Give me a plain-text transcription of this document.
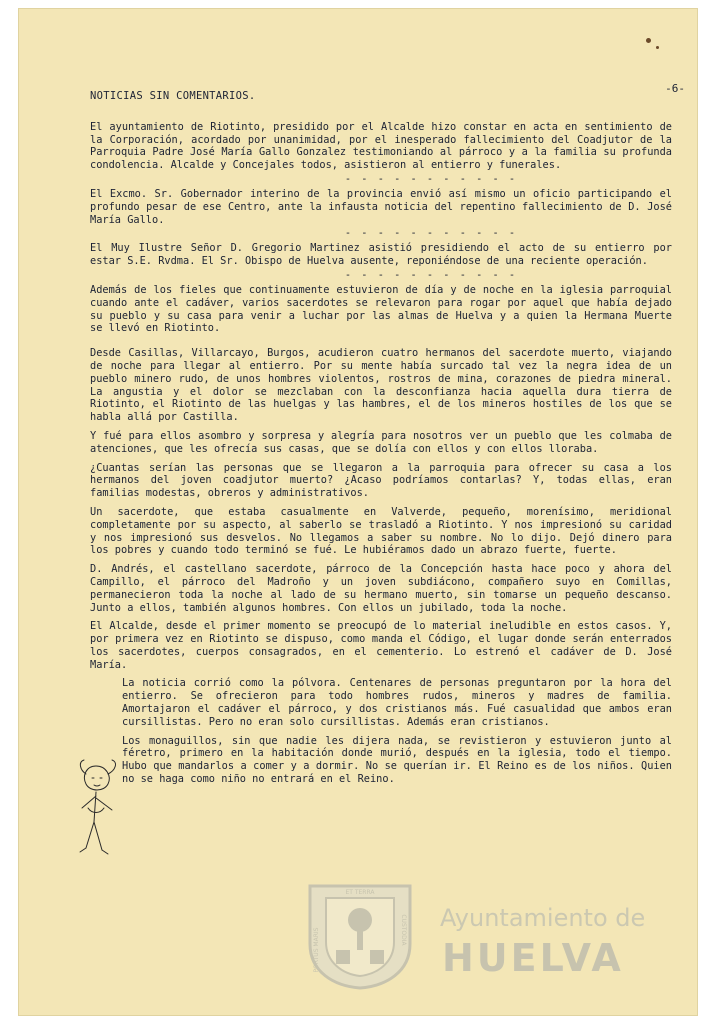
-6-
NOTICIAS SIN COMENTARIOS.

El ayuntamiento de Riotinto, presidido por el Alcalde hizo constar en acta en sentimiento de la Corporación, acordado por unanimidad, por el inesperado fallecimiento del Coadjutor de la Parroquia Padre José María Gallo Gonzalez testimoniando al párroco y a la familia su profunda condolencia. Alcalde y Concejales todos, asistieron al entierro y funerales.

- - - - - - - - - - -

El Excmo. Sr. Gobernador interino de la provincia envió así mismo un oficio participando el profundo pesar de ese Centro, ante la infausta noticia del repentino fallecimiento de D. José María Gallo.

- - - - - - - - - - -

El Muy Ilustre Señor D. Gregorio Martinez asistió presidiendo el acto de su entierro por estar S.E. Rvdma. El Sr. Obispo de Huelva ausente, reponiéndose de una reciente operación.

- - - - - - - - - - -

Además de los fieles que continuamente estuvieron de día y de noche en la iglesia parroquial cuando ante el cadáver, varios sacerdotes se relevaron para rogar por aquel que había dejado su pueblo y su casa para venir a luchar por las almas de Huelva y a quien la Hermana Muerte se llevó en Riotinto.

Desde Casillas, Villarcayo, Burgos, acudieron cuatro hermanos del sacerdote muerto, viajando de noche para llegar al entierro. Por su mente había surcado tal vez la negra idea de un pueblo minero rudo, de unos hombres violentos, rostros de mina, corazones de piedra mineral. La angustia y el dolor se mezclaban con la desconfianza hacia aquella dura tierra de Riotinto, el Riotinto de las huelgas y las hambres, el de los mineros hostiles de los que se habla allá por Castilla.

Y fué para ellos asombro y sorpresa y alegría para nosotros ver un pueblo que les colmaba de atenciones, que les ofrecía sus casas, que se dolía con ellos y con ellos lloraba.

¿Cuantas serían las personas que se llegaron a la parroquia para ofrecer su casa a los hermanos del joven coadjutor muerto? ¿Acaso podríamos contarlas? Y, todas ellas, eran familias modestas, obreros y administrativos.

Un sacerdote, que estaba casualmente en Valverde, pequeño, morenísimo, meridional completamente por su aspecto, al saberlo se trasladó a Riotinto. Y nos impresionó su caridad y nos impresionó sus desvelos. No llegamos a saber su nombre. No lo dijo. Dejó dinero para los pobres y cuando todo terminó se fué. Le hubiéramos dado un abrazo fuerte, fuerte.

D. Andrés, el castellano sacerdote, párroco de la Concepción hasta hace poco y ahora del Campillo, el párroco del Madroño y un joven subdiácono, compañero suyo en Comillas, permanecieron toda la noche al lado de su hermano muerto, sin tomarse un pequeño descanso. Junto a ellos, también algunos hombres. Con ellos un jubilado, toda la noche.

El Alcalde, desde el primer momento se preocupó de lo material ineludible en estos casos. Y, por primera vez en Riotinto se dispuso, como manda el Código, el lugar donde serán enterrados los sacerdotes, cuerpos consagrados, en el cementerio. Lo estrenó el cadáver de D. José María.

La noticia corrió como la pólvora. Centenares de personas preguntaron por la hora del entierro. Se ofrecieron para todo hombres rudos, mineros y madres de familia. Amortajaron el cadáver el párroco, y dos cristianos más. Fué casualidad que ambos eran cursillistas. Pero no eran solo cursillistas. Además eran cristianos.

Los monaguillos, sin que nadie les dijera nada, se revistieron y estuvieron junto al féretro, primero en la habitación donde murió, después en la iglesia, todo el tiempo. Hubo que mandarlos a comer y a dormir. No se querían ir. El Reino es de los niños. Quien no se haga como niño no entrará en el Reino.

ET TERRA
PORTUS MARIS	CUSTODIA Ayuntamiento de
HUELVA
